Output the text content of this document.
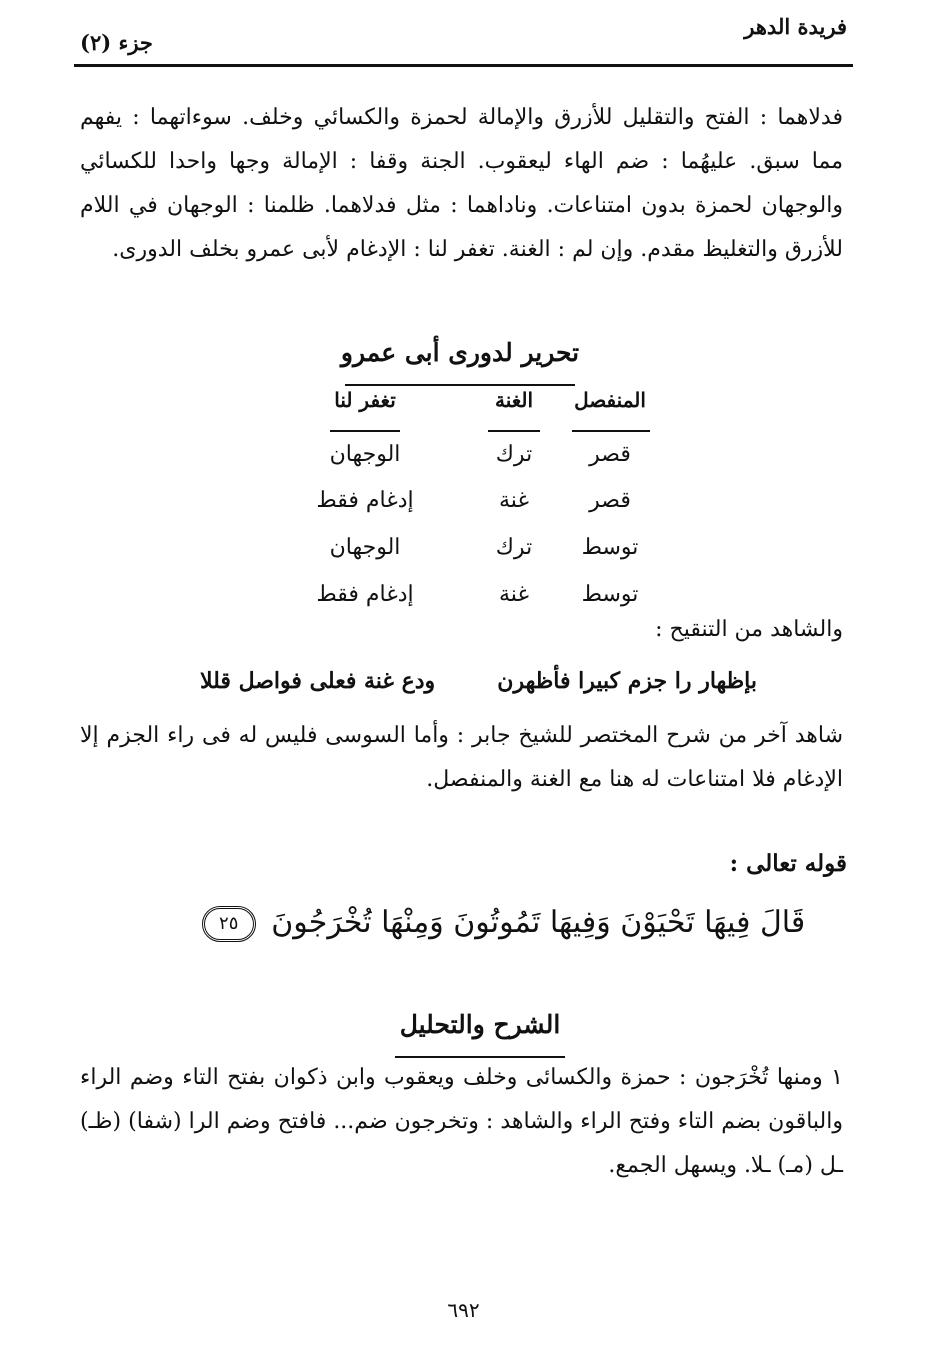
فريدة الدهر
جزء (٢)
فدلاهما : الفتح والتقليل للأزرق والإمالة لحمزة والكسائي وخلف. سوءاتهما : يفهم مما سبق. عليهُما : ضم الهاء ليعقوب. الجنة وقفا : الإمالة وجها واحدا للكسائي والوجهان لحمزة بدون امتناعات. وناداهما : مثل فدلاهما. ظلمنا : الوجهان في اللام للأزرق والتغليظ مقدم. وإن لم : الغنة. تغفر لنا : الإدغام لأبى عمرو بخلف الدورى.
تحرير لدورى أبى عمرو
المنفصل
الغنة
تغفر لنا
قصر
ترك
الوجهان
قصر
غنة
إدغام فقط
توسط
ترك
الوجهان
توسط
غنة
إدغام فقط
والشاهد من التنقيح :
بإظهار را جزم كبيرا فأظهرن
ودع غنة فعلى فواصل قللا
شاهد آخر من شرح المختصر للشيخ جابر : وأما السوسى فليس له فى راء الجزم إلا الإدغام فلا امتناعات له هنا مع الغنة والمنفصل.
قوله تعالى :
قَالَ فِيهَا تَحْيَوْنَ وَفِيهَا تَمُوتُونَ وَمِنْهَا تُخْرَجُونَ ٢٥
الشرح والتحليل
١ ومنها تُخْرَجون : حمزة والكسائى وخلف ويعقوب وابن ذكوان بفتح التاء وضم الراء والباقون بضم التاء وفتح الراء والشاهد : وتخرجون ضم... فافتح وضم الرا (شفا) (ظـ) ـل (مـ) ـلا. ويسهل الجمع.
٦٩٢
